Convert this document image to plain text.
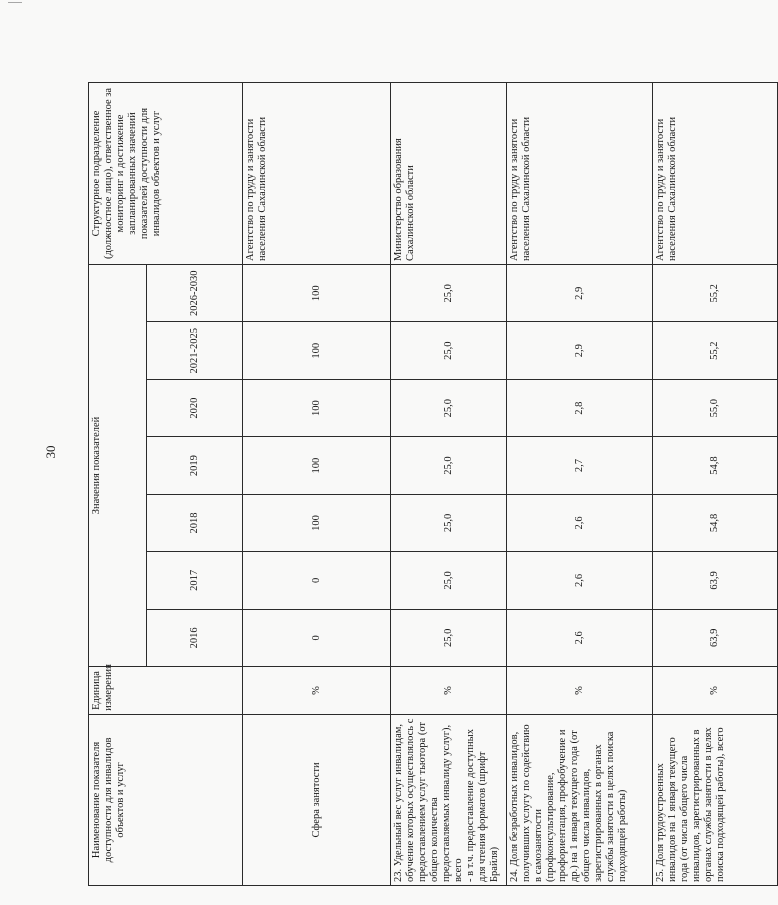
30
Наименование показателя доступности для инвалидов объектов и услуг	Единица измерения	Значения показателей							Структурное подразделение (должностное лицо), ответственное за мониторинг и достижение запланированных значений показателей доступности для инвалидов объектов и услуг
		2016	2017	2018	2019	2020	2021-2025	2026-2030	
Сфера занятости	%	0	0	100	100	100	100	100	Агентство по труду и занятости населения Сахалинской области
23. Удельный вес услуг инвалидам, обучение которых осуществлялось с предоставлением услуг тьютора (от общего количества предоставляемых инвалиду услуг), всего
- в т.ч. предоставление доступных для чтения форматов (шрифт Брайля)	%	25,0	25,0	25,0	25,0	25,0	25,0	25,0	Министерство образования Сахалинской области
24. Доля безработных инвалидов, получивших услугу по содействию в самозанятости (профконсультирование, профориентация, профобучение и др.) на 1 января текущего года (от общего числа инвалидов, зарегистрированных в органах службы занятости в целях поиска подходящей работы)	%	2,6	2,6	2,6	2,7	2,8	2,9	2,9	Агентство по труду и занятости населения Сахалинской области
25. Доля трудоустроенных инвалидов на 1 января текущего года (от числа общего числа инвалидов, зарегистрированных в органах службы занятости в целях поиска подходящей работы), всего	%	63,9	63,9	54,8	54,8	55,0	55,2	55,2	Агентство по труду и занятости населения Сахалинской области
